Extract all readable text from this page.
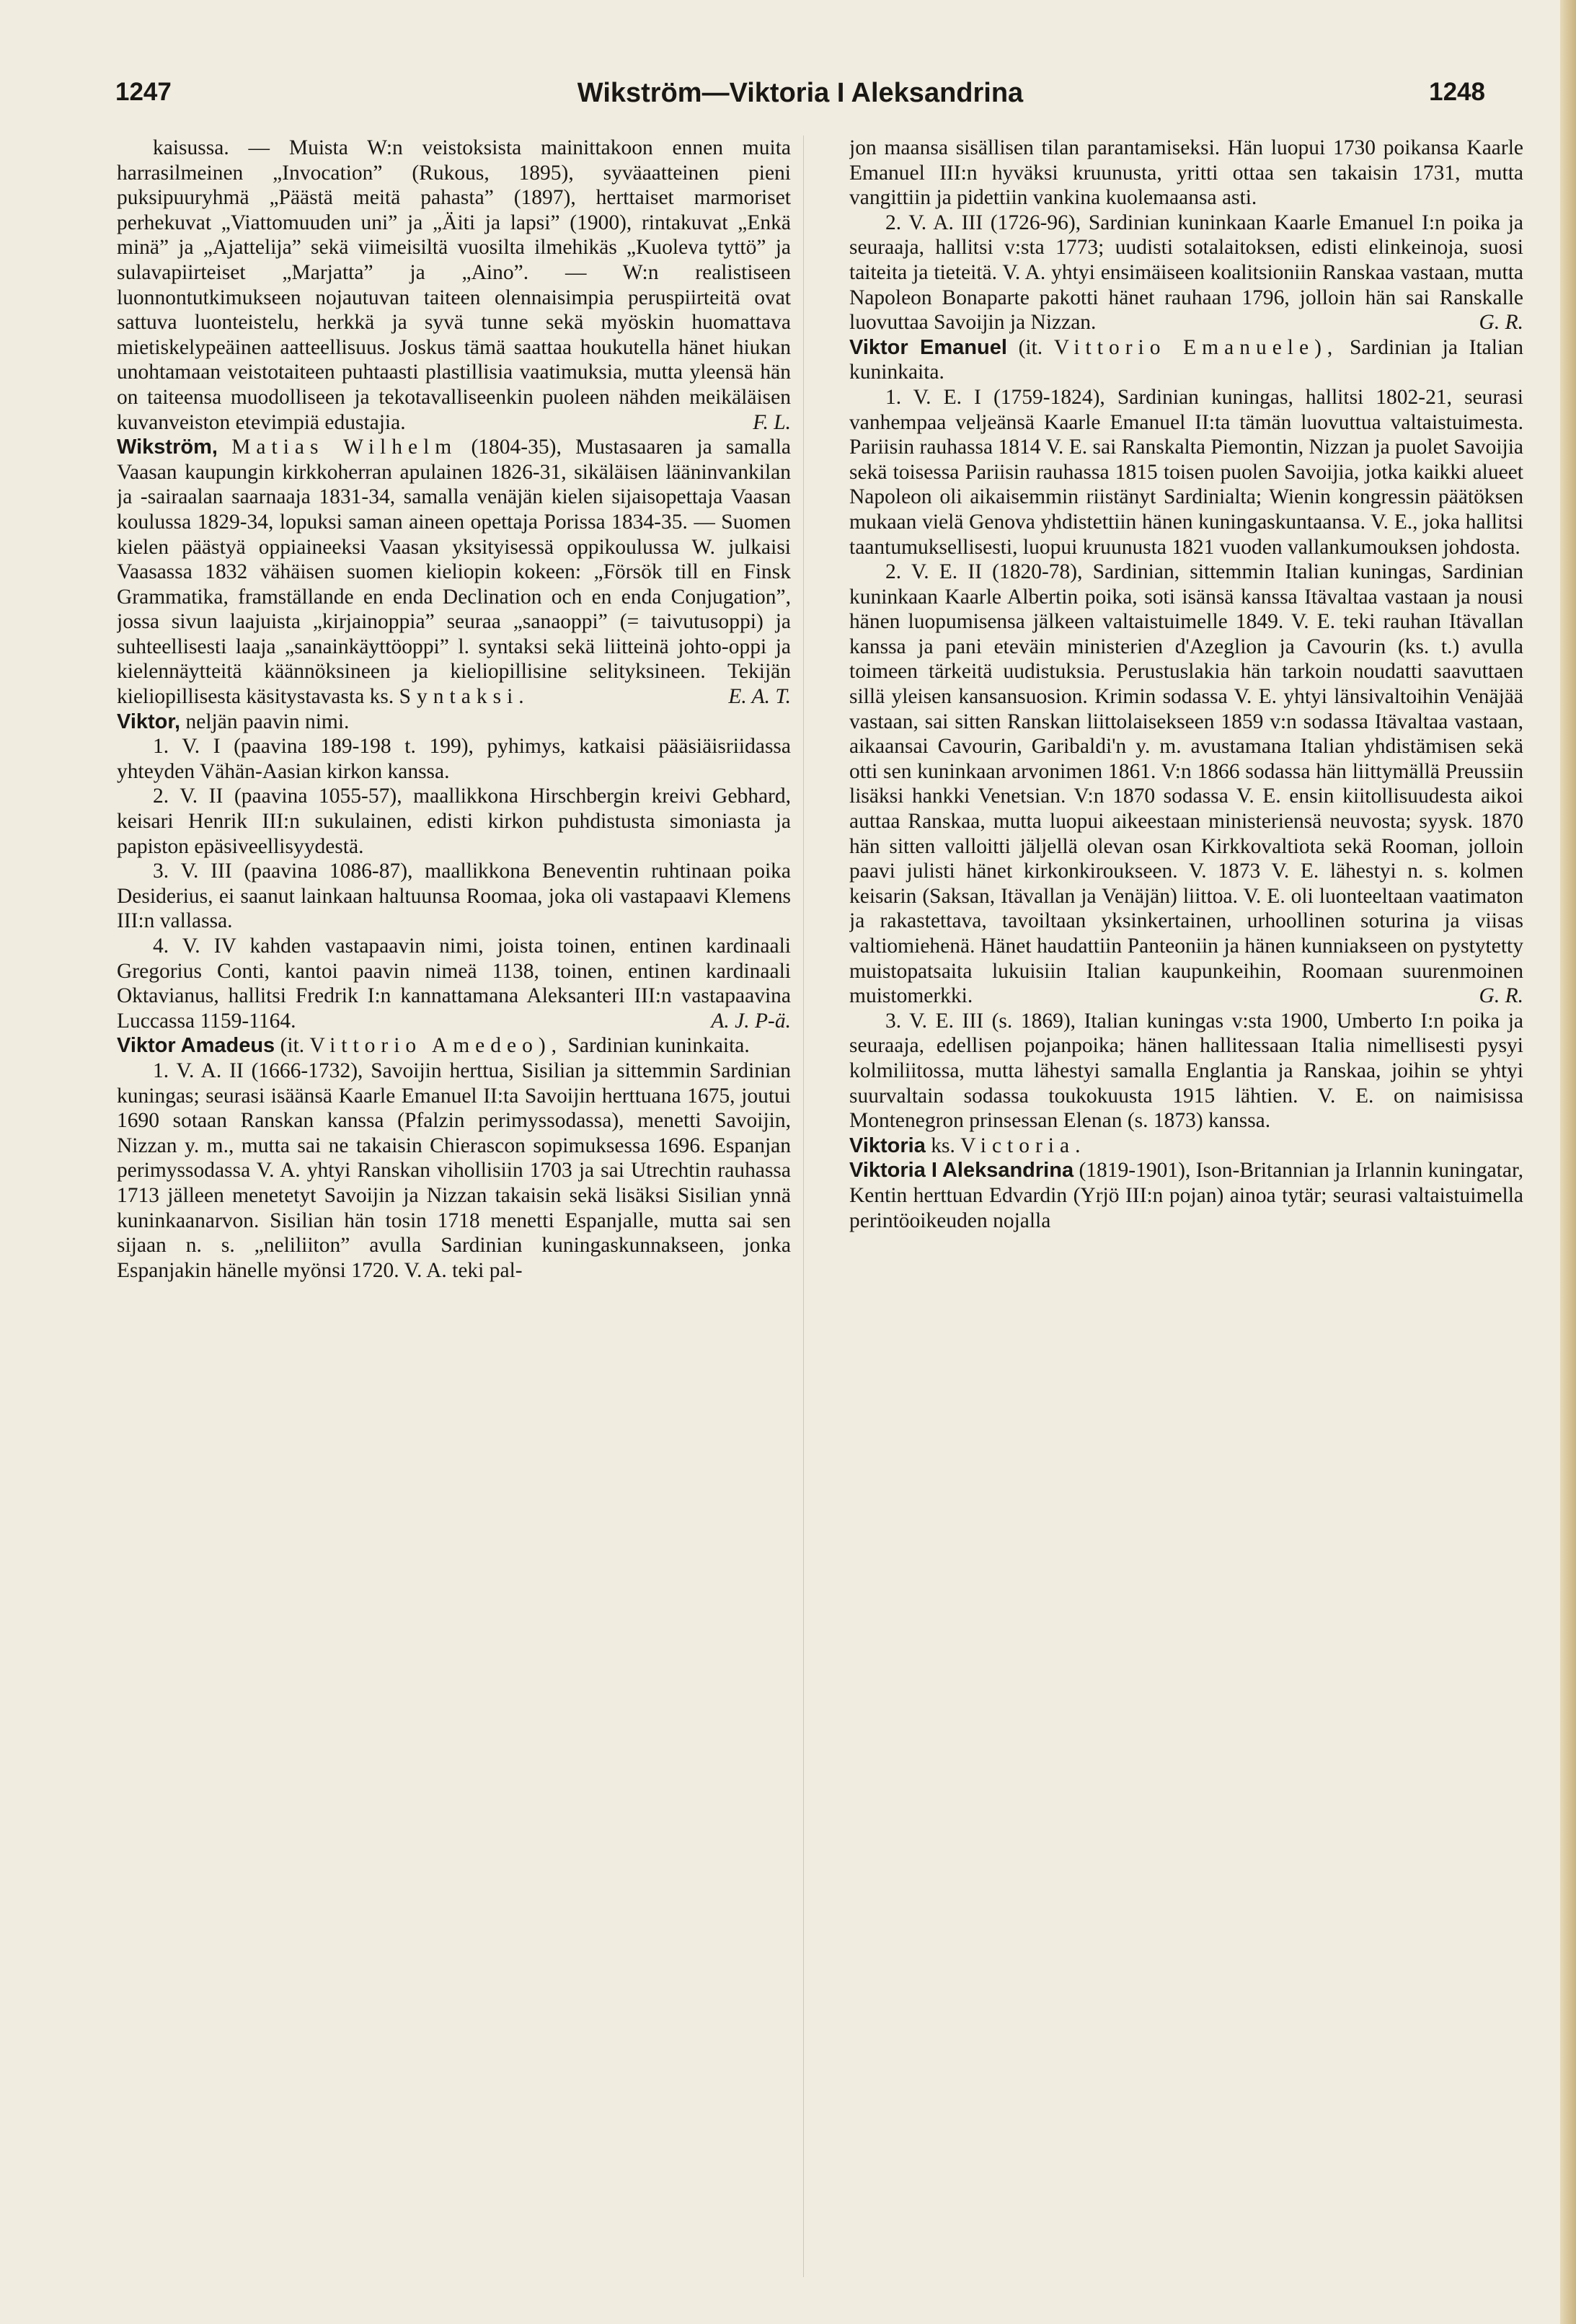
1247	Wikström—Viktoria I Aleksandrina	1248

kaisussa. — Muista W:n veistoksista mainittakoon ennen muita harrasilmeinen „Invocation” (Rukous, 1895), syväaatteinen pieni puksipuuryhmä „Päästä meitä pahasta” (1897), herttaiset marmoriset perhekuvat „Viattomuuden uni” ja „Äiti ja lapsi” (1900), rintakuvat „Enkä minä” ja „Ajattelija” sekä viimeisiltä vuosilta ilmehikäs „Kuoleva tyttö” ja sulavapiirteiset „Marjatta” ja „Aino”. — W:n realistiseen luonnontutkimukseen nojautuvan taiteen olennaisimpia peruspiirteitä ovat sattuva luonteistelu, herkkä ja syvä tunne sekä myöskin huomattava mietiskelypeäinen aatteellisuus. Joskus tämä saattaa houkutella hänet hiukan unohtamaan veistotaiteen puhtaasti plastillisia vaatimuksia, mutta yleensä hän on taiteensa muodolliseen ja tekotavalliseenkin puoleen nähden meikäläisen kuvanveiston etevimpiä edustajia.	F. L.

Wikström, Matias Wilhelm (1804-35), Mustasaaren ja samalla Vaasan kaupungin kirkkoherran apulainen 1826-31, sikäläisen lääninvankilan ja -sairaalan saarnaaja 1831-34, samalla venäjän kielen sijaisopettaja Vaasan koulussa 1829-34, lopuksi saman aineen opettaja Porissa 1834-35. — Suomen kielen päästyä oppiaineeksi Vaasan yksityisessä oppikoulussa W. julkaisi Vaasassa 1832 vähäisen suomen kieliopin kokeen: „Försök till en Finsk Grammatika, framställande en enda Declination och en enda Conjugation”, jossa sivun laajuista „kirjainoppia” seuraa „sanaoppi” (= taivutusoppi) ja suhteellisesti laaja „sanainkäyttöoppi” l. syntaksi sekä liitteinä johto-oppi ja kielennäytteitä käännöksineen ja kieliopillisine selityksineen. Tekijän kieliopillisesta käsitystavasta ks. Syntaksi.	E. A. T.

Viktor, neljän paavin nimi.

1. V. I (paavina 189-198 t. 199), pyhimys, katkaisi pääsiäisriidassa yhteyden Vähän-Aasian kirkon kanssa.

2. V. II (paavina 1055-57), maallikkona Hirschbergin kreivi Gebhard, keisari Henrik III:n sukulainen, edisti kirkon puhdistusta simoniasta ja papiston epäsiveellisyydestä.

3. V. III (paavina 1086-87), maallikkona Beneventin ruhtinaan poika Desiderius, ei saanut lainkaan haltuunsa Roomaa, joka oli vastapaavi Klemens III:n vallassa.

4. V. IV kahden vastapaavin nimi, joista toinen, entinen kardinaali Gregorius Conti, kantoi paavin nimeä 1138, toinen, entinen kardinaali Oktavianus, hallitsi Fredrik I:n kannattamana Aleksanteri III:n vastapaavina Luccassa 1159-1164.	A. J. P-ä.

Viktor Amadeus (it. Vittorio Amedeo), Sardinian kuninkaita.

1. V. A. II (1666-1732), Savoijin herttua, Sisilian ja sittemmin Sardinian kuningas; seurasi isäänsä Kaarle Emanuel II:ta Savoijin herttuana 1675, joutui 1690 sotaan Ranskan kanssa (Pfalzin perimyssodassa), menetti Savoijin, Nizzan y. m., mutta sai ne takaisin Chierascon sopimuksessa 1696. Espanjan perimyssodassa V. A. yhtyi Ranskan vihollisiin 1703 ja sai Utrechtin rauhassa 1713 jälleen menetetyt Savoijin ja Nizzan takaisin sekä lisäksi Sisilian ynnä kuninkaanarvon. Sisilian hän tosin 1718 menetti Espanjalle, mutta sai sen sijaan n. s. „neliliiton” avulla Sardinian kuningaskunnakseen, jonka Espanjakin hänelle myönsi 1720. V. A. teki pal-

jon maansa sisällisen tilan parantamiseksi. Hän luopui 1730 poikansa Kaarle Emanuel III:n hyväksi kruunusta, yritti ottaa sen takaisin 1731, mutta vangittiin ja pidettiin vankina kuolemaansa asti.

2. V. A. III (1726-96), Sardinian kuninkaan Kaarle Emanuel I:n poika ja seuraaja, hallitsi v:sta 1773; uudisti sotalaitoksen, edisti elinkeinoja, suosi taiteita ja tieteitä. V. A. yhtyi ensimäiseen koalitsioniin Ranskaa vastaan, mutta Napoleon Bonaparte pakotti hänet rauhaan 1796, jolloin hän sai Ranskalle luovuttaa Savoijin ja Nizzan.	G. R.

Viktor Emanuel (it. Vittorio Emanuele), Sardinian ja Italian kuninkaita.

1. V. E. I (1759-1824), Sardinian kuningas, hallitsi 1802-21, seurasi vanhempaa veljeänsä Kaarle Emanuel II:ta tämän luovuttua valtaistuimesta. Pariisin rauhassa 1814 V. E. sai Ranskalta Piemontin, Nizzan ja puolet Savoijia sekä toisessa Pariisin rauhassa 1815 toisen puolen Savoijia, jotka kaikki alueet Napoleon oli aikaisemmin riistänyt Sardinialta; Wienin kongressin päätöksen mukaan vielä Genova yhdistettiin hänen kuningaskuntaansa. V. E., joka hallitsi taantumuksellisesti, luopui kruunusta 1821 vuoden vallankumouksen johdosta.

2. V. E. II (1820-78), Sardinian, sittemmin Italian kuningas, Sardinian kuninkaan Kaarle Albertin poika, soti isänsä kanssa Itävaltaa vastaan ja nousi hänen luopumisensa jälkeen valtaistuimelle 1849. V. E. teki rauhan Itävallan kanssa ja pani eteväin ministerien d'Azeglion ja Cavourin (ks. t.) avulla toimeen tärkeitä uudistuksia. Perustuslakia hän tarkoin noudatti saavuttaen sillä yleisen kansansuosion. Krimin sodassa V. E. yhtyi länsivaltoihin Venäjää vastaan, sai sitten Ranskan liittolaisekseen 1859 v:n sodassa Itävaltaa vastaan, aikaansai Cavourin, Garibaldi'n y. m. avustamana Italian yhdistämisen sekä otti sen kuninkaan arvonimen 1861. V:n 1866 sodassa hän liittymällä Preussiin lisäksi hankki Venetsian. V:n 1870 sodassa V. E. ensin kiitollisuudesta aikoi auttaa Ranskaa, mutta luopui aikeestaan ministeriensä neuvosta; syysk. 1870 hän sitten valloitti jäljellä olevan osan Kirkkovaltiota sekä Rooman, jolloin paavi julisti hänet kirkonkiroukseen. V. 1873 V. E. lähestyi n. s. kolmen keisarin (Saksan, Itävallan ja Venäjän) liittoa. V. E. oli luonteeltaan vaatimaton ja rakastettava, tavoiltaan yksinkertainen, urhoollinen soturina ja viisas valtiomiehenä. Hänet haudattiin Panteoniin ja hänen kunniakseen on pystytetty muistopatsaita lukuisiin Italian kaupunkeihin, Roomaan suurenmoinen muistomerkki.	G. R.

3. V. E. III (s. 1869), Italian kuningas v:sta 1900, Umberto I:n poika ja seuraaja, edellisen pojanpoika; hänen hallitessaan Italia nimellisesti pysyi kolmiliitossa, mutta lähestyi samalla Englantia ja Ranskaa, joihin se yhtyi suurvaltain sodassa toukokuusta 1915 lähtien. V. E. on naimisissa Montenegron prinsessan Elenan (s. 1873) kanssa.

Viktoria ks. Victoria.

Viktoria I Aleksandrina (1819-1901), Ison-Britannian ja Irlannin kuningatar, Kentin herttuan Edvardin (Yrjö III:n pojan) ainoa tytär; seurasi valtaistuimella perintöoikeuden nojalla
